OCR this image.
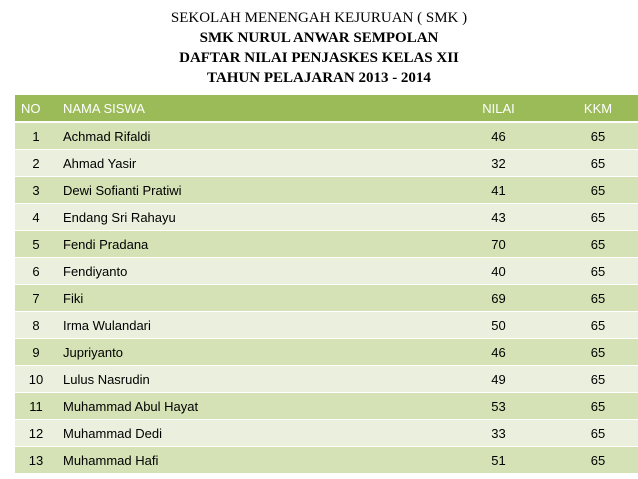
SEKOLAH MENENGAH KEJURUAN ( SMK )
SMK NURUL ANWAR SEMPOLAN
DAFTAR NILAI PENJASKES KELAS XII
TAHUN PELAJARAN 2013 - 2014
NO	NAMA SISWA	NILAI	KKM
1	Achmad Rifaldi	46	65
2	Ahmad Yasir	32	65
3	Dewi Sofianti Pratiwi	41	65
4	Endang Sri Rahayu	43	65
5	Fendi Pradana	70	65
6	Fendiyanto	40	65
7	Fiki	69	65
8	Irma Wulandari	50	65
9	Jupriyanto	46	65
10	Lulus Nasrudin	49	65
11	Muhammad Abul Hayat	53	65
12	Muhammad Dedi	33	65
13	Muhammad Hafi	51	65
